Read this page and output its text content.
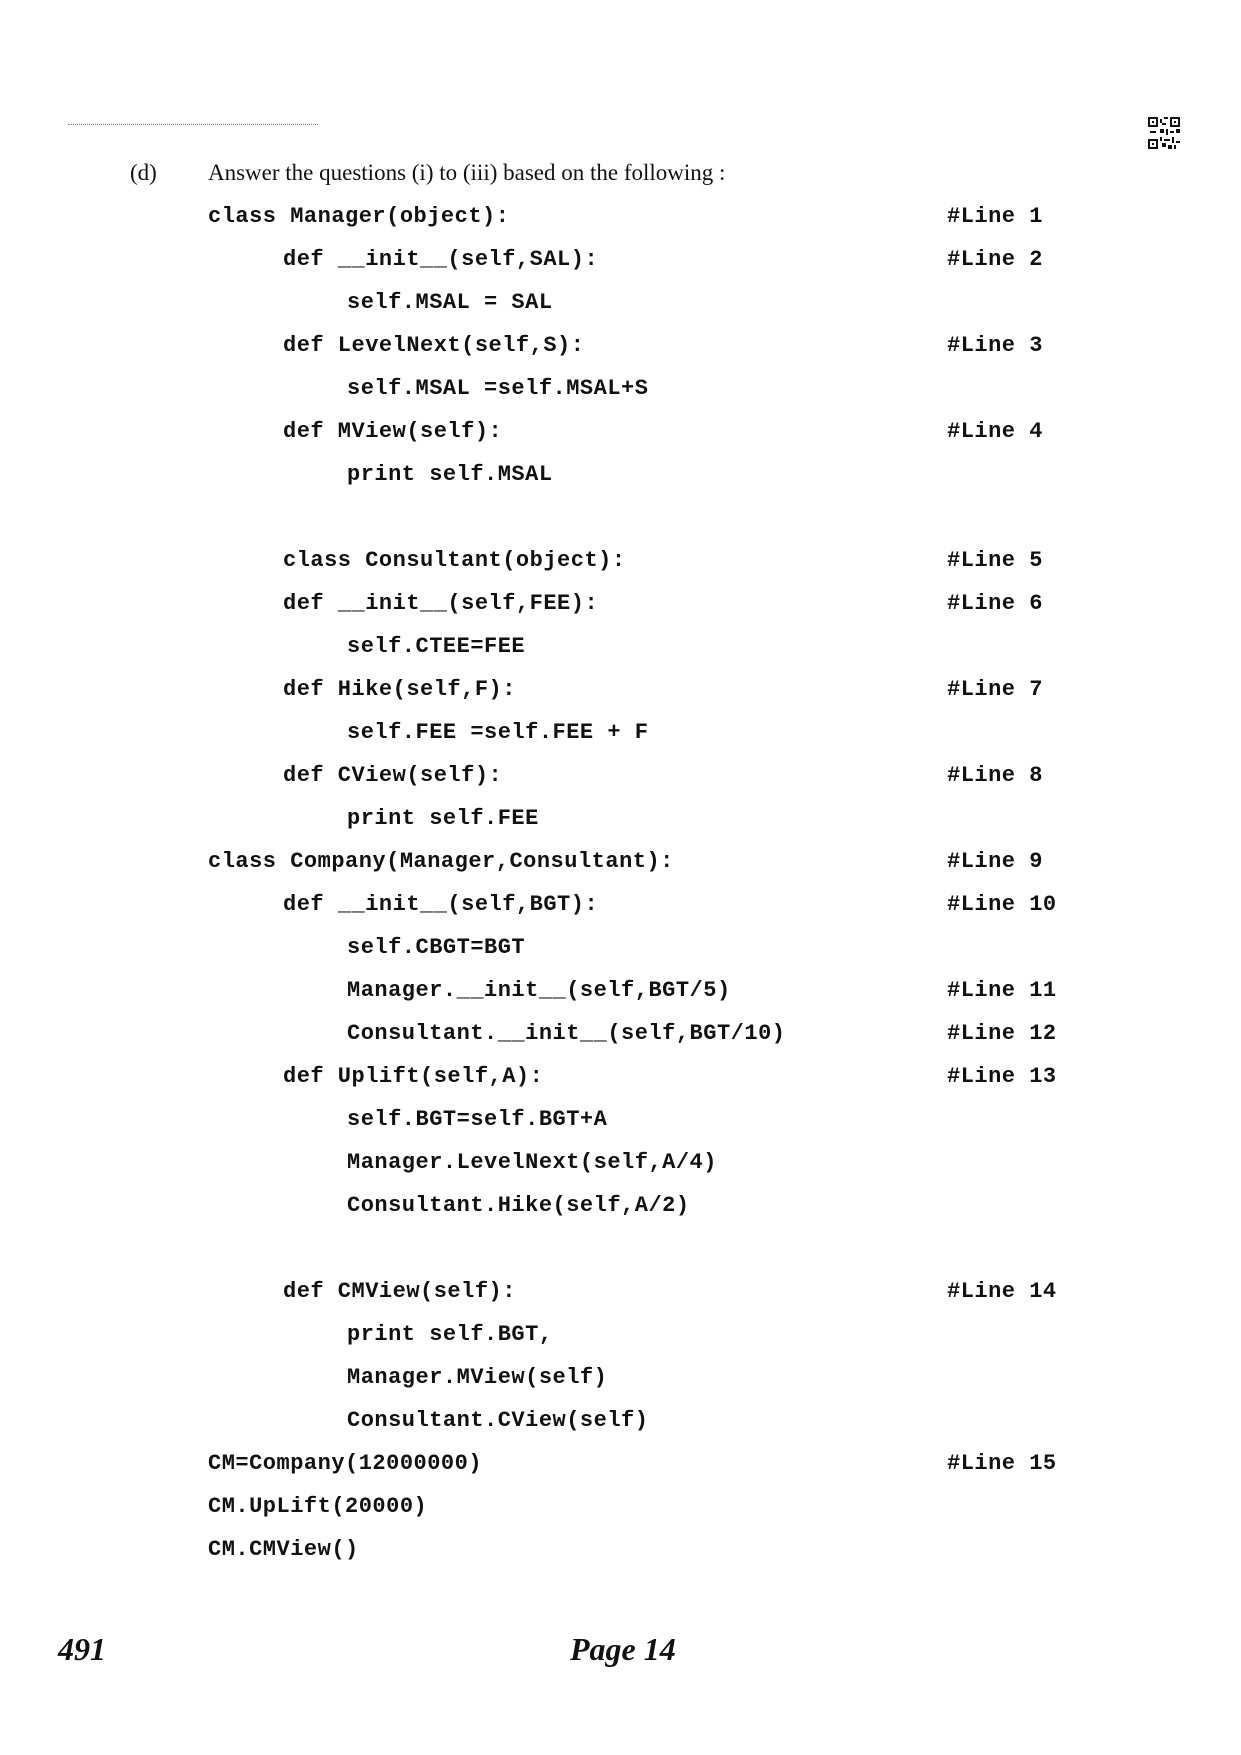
(d) Answer the questions (i) to (iii) based on the following :
class Manager(object):	#Line 1
def __init__(self,SAL):	#Line 2
self.MSAL = SAL
def LevelNext(self,S):	#Line 3
self.MSAL =self.MSAL+S
def MView(self):	#Line 4
print self.MSAL
class Consultant(object):	#Line 5
def __init__(self,FEE):	#Line 6
self.CTEE=FEE
def Hike(self,F):	#Line 7
self.FEE =self.FEE + F
def CView(self):	#Line 8
print self.FEE
class Company(Manager,Consultant):	#Line 9
def __init__(self,BGT):	#Line 10
self.CBGT=BGT
Manager.__init__(self,BGT/5)	#Line 11
Consultant.__init__(self,BGT/10)	#Line 12
def Uplift(self,A):	#Line 13
self.BGT=self.BGT+A
Manager.LevelNext(self,A/4)
Consultant.Hike(self,A/2)
def CMView(self):	#Line 14
print self.BGT,
Manager.MView(self)
Consultant.CView(self)
CM=Company(12000000)	#Line 15
CM.UpLift(20000)
CM.CMView()
491	Page 14
